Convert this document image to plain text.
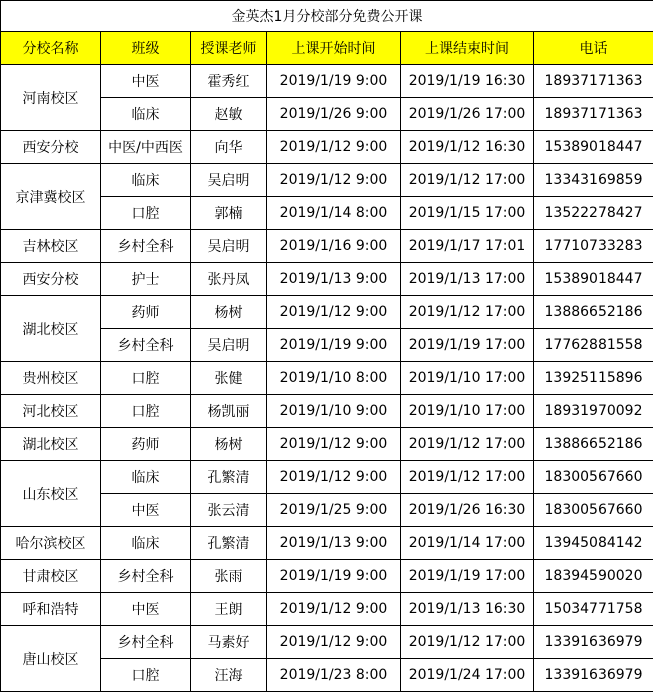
金英杰1月分校部分免费公开课					
分校名称	班级	授课老师	上课开始时间	上课结束时间	电话
河南校区	中医	霍秀红	2019/1/19 9:00	2019/1/19 16:30	18937171363
	临床	赵敏	2019/1/26 9:00	2019/1/26 17:00	18937171363
西安分校	中医/中西医	向华	2019/1/12 9:00	2019/1/12 16:30	15389018447
京津冀校区	临床	吴启明	2019/1/12 9:00	2019/1/12 17:00	13343169859
	口腔	郭楠	2019/1/14 8:00	2019/1/15 17:00	13522278427
吉林校区	乡村全科	吴启明	2019/1/16 9:00	2019/1/17 17:01	17710733283
西安分校	护士	张丹凤	2019/1/13 9:00	2019/1/13 17:00	15389018447
湖北校区	药师	杨树	2019/1/12 9:00	2019/1/12 17:00	13886652186
	乡村全科	吴启明	2019/1/19 9:00	2019/1/19 17:00	17762881558
贵州校区	口腔	张健	2019/1/10 8:00	2019/1/10 17:00	13925115896
河北校区	口腔	杨凯丽	2019/1/10 9:00	2019/1/10 17:00	18931970092
湖北校区	药师	杨树	2019/1/12 9:00	2019/1/12 17:00	13886652186
山东校区	临床	孔繁清	2019/1/12 9:00	2019/1/12 17:00	18300567660
	中医	张云清	2019/1/25 9:00	2019/1/26 16:30	18300567660
哈尔滨校区	临床	孔繁清	2019/1/13 9:00	2019/1/14 17:00	13945084142
甘肃校区	乡村全科	张雨	2019/1/19 9:00	2019/1/19 17:00	18394590020
呼和浩特	中医	王朗	2019/1/12 9:00	2019/1/13 16:30	15034771758
唐山校区	乡村全科	马素好	2019/1/12 9:00	2019/1/12 17:00	13391636979
	口腔	汪海	2019/1/23 8:00	2019/1/24 17:00	13391636979
